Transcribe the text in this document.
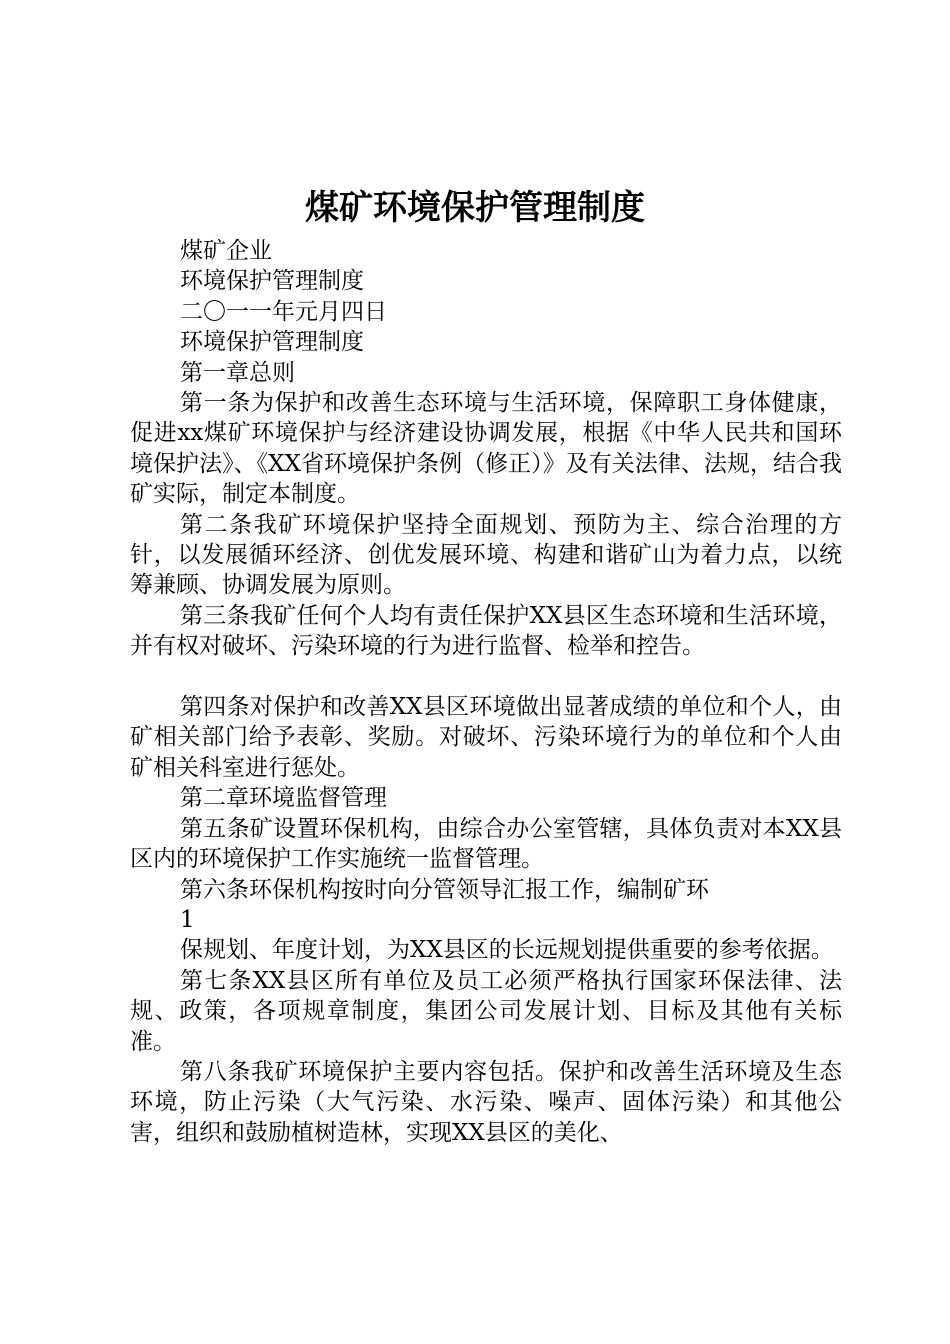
煤矿环境保护管理制度

煤矿企业

环境保护管理制度

二〇一一年元月四日

环境保护管理制度

第一章总则

第一条为保护和改善生态环境与生活环境，保障职工身体健康，促进xx煤矿环境保护与经济建设协调发展，根据《中华人民共和国环境保护法》、《XX省环境保护条例（修正）》及有关法律、法规，结合我矿实际，制定本制度。

第二条我矿环境保护坚持全面规划、预防为主、综合治理的方针，以发展循环经济、创优发展环境、构建和谐矿山为着力点，以统筹兼顾、协调发展为原则。

第三条我矿任何个人均有责任保护XX县区生态环境和生活环境，并有权对破坏、污染环境的行为进行监督、检举和控告。

第四条对保护和改善XX县区环境做出显著成绩的单位和个人，由矿相关部门给予表彰、奖励。对破坏、污染环境行为的单位和个人由矿相关科室进行惩处。

第二章环境监督管理

第五条矿设置环保机构，由综合办公室管辖，具体负责对本XX县区内的环境保护工作实施统一监督管理。

第六条环保机构按时向分管领导汇报工作，编制矿环

1

保规划、年度计划，为XX县区的长远规划提供重要的参考依据。

第七条XX县区所有单位及员工必须严格执行国家环保法律、法规、政策，各项规章制度，集团公司发展计划、目标及其他有关标准。

第八条我矿环境保护主要内容包括。保护和改善生活环境及生态环境，防止污染（大气污染、水污染、噪声、固体污染）和其他公害，组织和鼓励植树造林，实现XX县区的美化、
